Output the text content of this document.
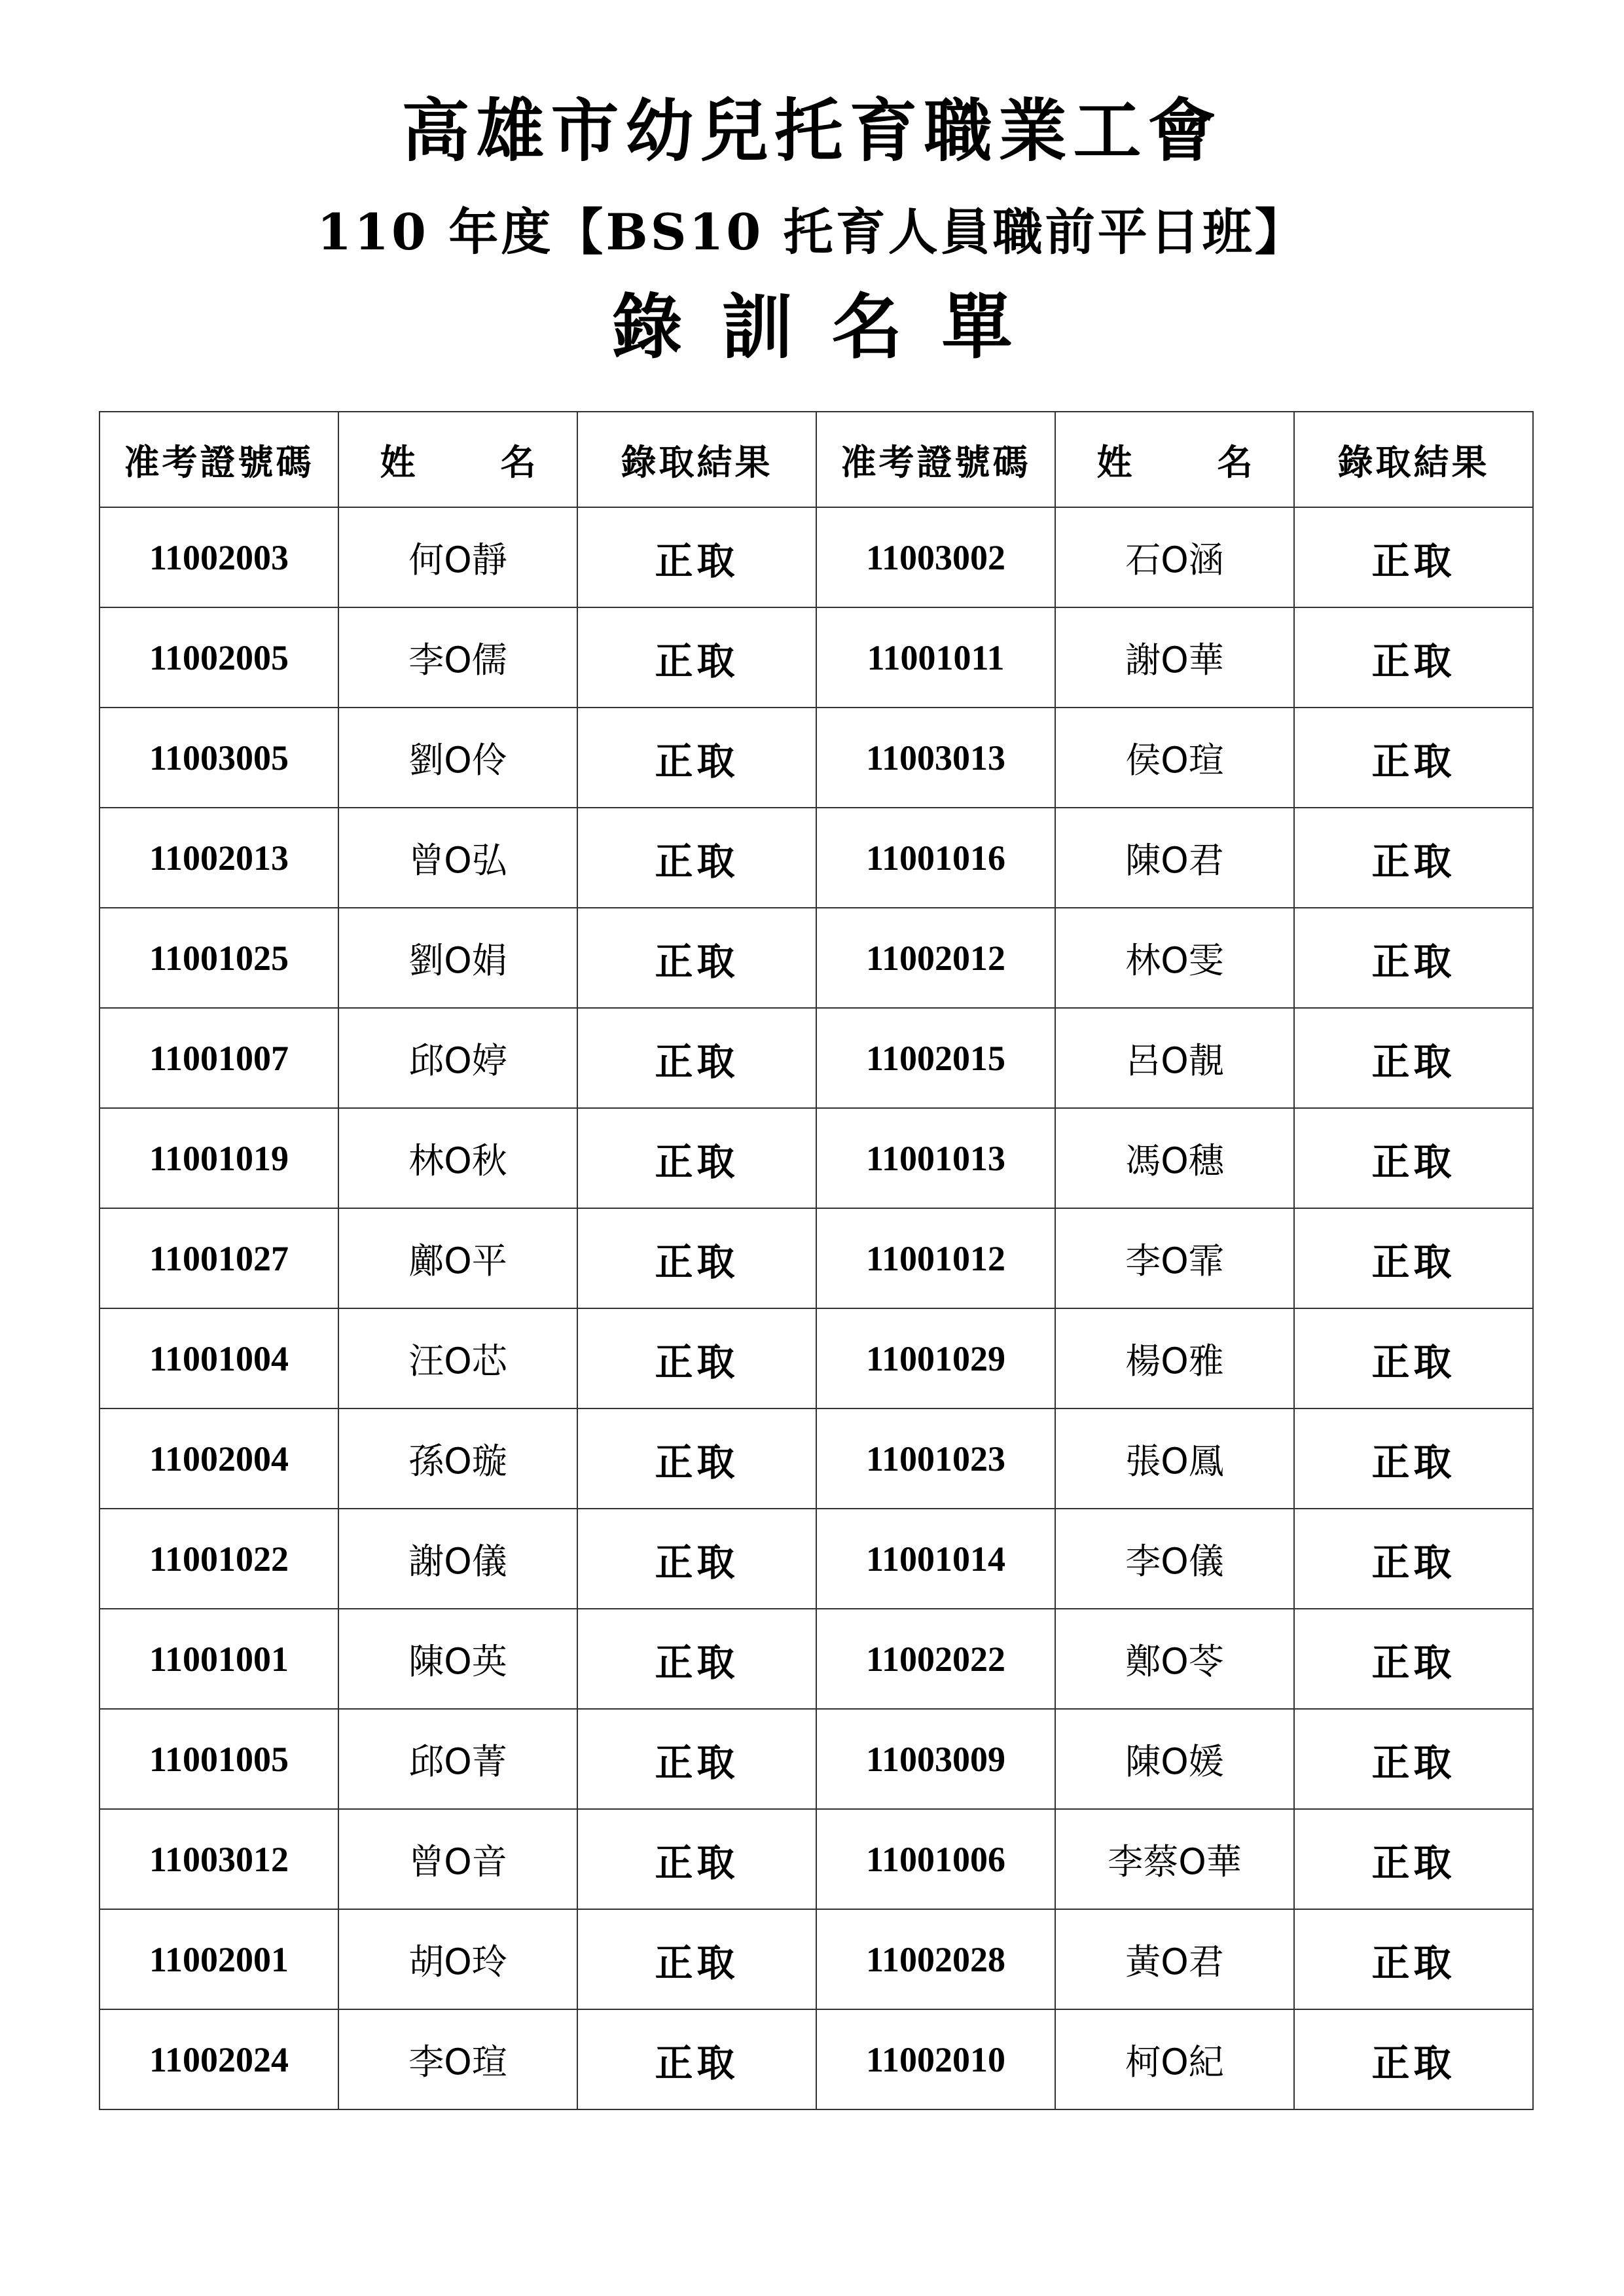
高雄市幼兒托育職業工會
110 年度【BS10 托育人員職前平日班】
錄訓名單
准考證號碼	姓 名	錄取結果	准考證號碼	姓 名	錄取結果
11002003	何O靜	正取	11003002	石O涵	正取
11002005	李O儒	正取	11001011	謝O華	正取
11003005	劉O伶	正取	11003013	侯O瑄	正取
11002013	曾O弘	正取	11001016	陳O君	正取
11001025	劉O娟	正取	11002012	林O雯	正取
11001007	邱O婷	正取	11002015	呂O靚	正取
11001019	林O秋	正取	11001013	馮O穗	正取
11001027	鄺O平	正取	11001012	李O霏	正取
11001004	汪O芯	正取	11001029	楊O雅	正取
11002004	孫O璇	正取	11001023	張O鳳	正取
11001022	謝O儀	正取	11001014	李O儀	正取
11001001	陳O英	正取	11002022	鄭O苓	正取
11001005	邱O菁	正取	11003009	陳O媛	正取
11003012	曾O音	正取	11001006	李蔡O華	正取
11002001	胡O玲	正取	11002028	黃O君	正取
11002024	李O瑄	正取	11002010	柯O紀	正取
